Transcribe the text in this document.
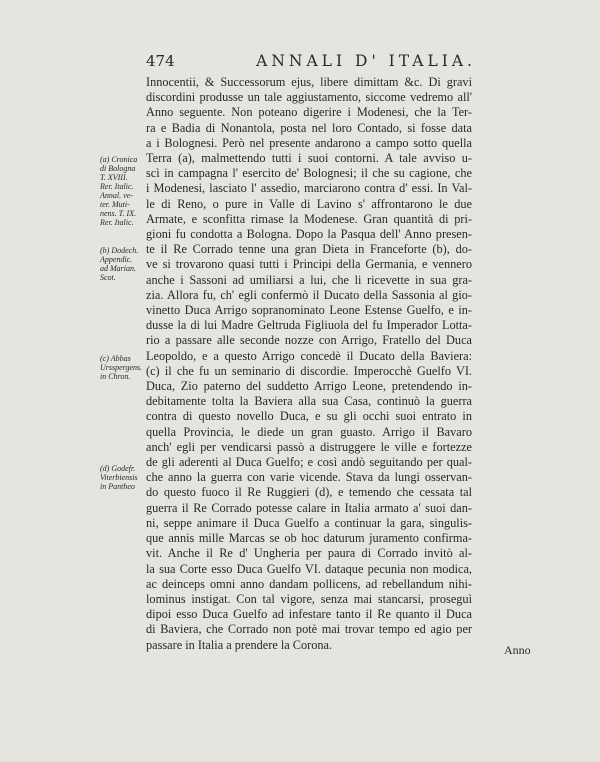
474	ANNALI D' ITALIA.
Innocentii, & Successorum ejus, libere dimittam &c. Di gravi
discordini produsse un tale aggiustamento, siccome vedremo all'
Anno seguente. Non poteano digerire i Modenesi, che la Ter-
ra e Badia di Nonantola, posta nel loro Contado, si fosse data
a i Bolognesi. Però nel presente andarono a campo sotto quella
Terra (a), malmettendo tutti i suoi contorni. A tale avviso u-
scì in campagna l' esercito de' Bolognesi; il che su cagione, che
i Modenesi, lasciato l' assedio, marciarono contra d' essi. In Val-
le di Reno, o pure in Valle di Lavino s' affrontarono le due
Armate, e sconfitta rimase la Modenese. Gran quantità di pri-
gioni fu condotta a Bologna. Dopo la Pasqua dell' Anno presen-
te il Re Corrado tenne una gran Dieta in Franceforte (b), do-
ve si trovarono quasi tutti i Principi della Germania, e vennero
anche i Sassoni ad umiliarsi a lui, che li ricevette in sua gra-
zia. Allora fu, ch' egli confermò il Ducato della Sassonia al gio-
vinetto Duca Arrigo sopranominato Leone Estense Guelfo, e in-
dusse la di lui Madre Geltruda Figliuola del fu Imperador Lotta-
rio a passare alle seconde nozze con Arrigo, Fratello del Duca
Leopoldo, e a questo Arrigo concedè il Ducato della Baviera:
(c) il che fu un seminario di discordie. Imperocchè Guelfo VI.
Duca, Zio paterno del suddetto Arrigo Leone, pretendendo in-
debitamente tolta la Baviera alla sua Casa, continuò la guerra
contra di questo novello Duca, e su gli occhi suoi entrato in
quella Provincia, le diede un gran guasto. Arrigo il Bavaro
anch' egli per vendicarsi passò a distruggere le ville e fortezze
de gli aderenti al Duca Guelfo; e così andò seguitando per qual-
che anno la guerra con varie vicende. Stava da lungi osservan-
do questo fuoco il Re Ruggieri (d), e temendo che cessata tal
guerra il Re Corrado potesse calare in Italia armato a' suoi dan-
ni, seppe animare il Duca Guelfo a continuar la gara, singulis-
que annis mille Marcas se ob hoc daturum juramento confirma-
vit. Anche il Re d' Ungheria per paura di Corrado invitò al-
la sua Corte esso Duca Guelfo VI. dataque pecunia non modica,
ac deinceps omni anno dandam pollicens, ad rebellandum nihi-
lominus instigat. Con tal vigore, senza mai stancarsi, proseguì
dipoi esso Duca Guelfo ad infestare tanto il Re quanto il Duca
di Baviera, che Corrado non potè mai trovar tempo ed agio per
passare in Italia a prendere la Corona.
(a) Cronica
di Bologna
T. XVIII.
Rer. Italic.
Annal. ve-
ter. Muti-
nens. T. IX.
Rer. Italic.
(b) Dodech.
Appendic.
ad Marian.
Scot.
(c) Abbas
Ursspergens.
in Chron.
(d) Godefr.
Viterbiensis
in Pantheo
Anno
